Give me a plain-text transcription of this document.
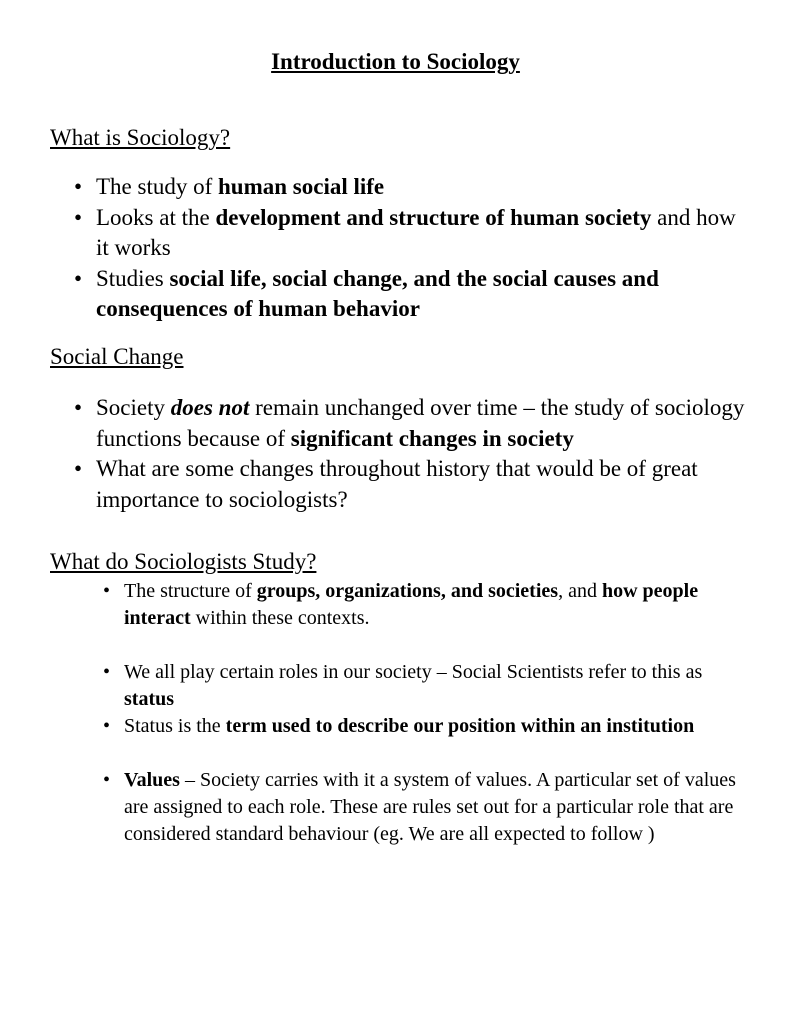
Introduction to Sociology
What is Sociology?
• The study of human social life
• Looks at the development and structure of human society and how it works
• Studies social life, social change, and the social causes and consequences of human behavior
Social Change
• Society does not remain unchanged over time – the study of sociology functions because of significant changes in society
• What are some changes throughout history that would be of great importance to sociologists?
What do Sociologists Study?
• The structure of groups, organizations, and societies, and how people interact within these contexts.
• We all play certain roles in our society – Social Scientists refer to this as status
• Status is the term used to describe our position within an institution
• Values – Society carries with it a system of values. A particular set of values are assigned to each role. These are rules set out for a particular role that are considered standard behaviour (eg. We are all expected to follow )
